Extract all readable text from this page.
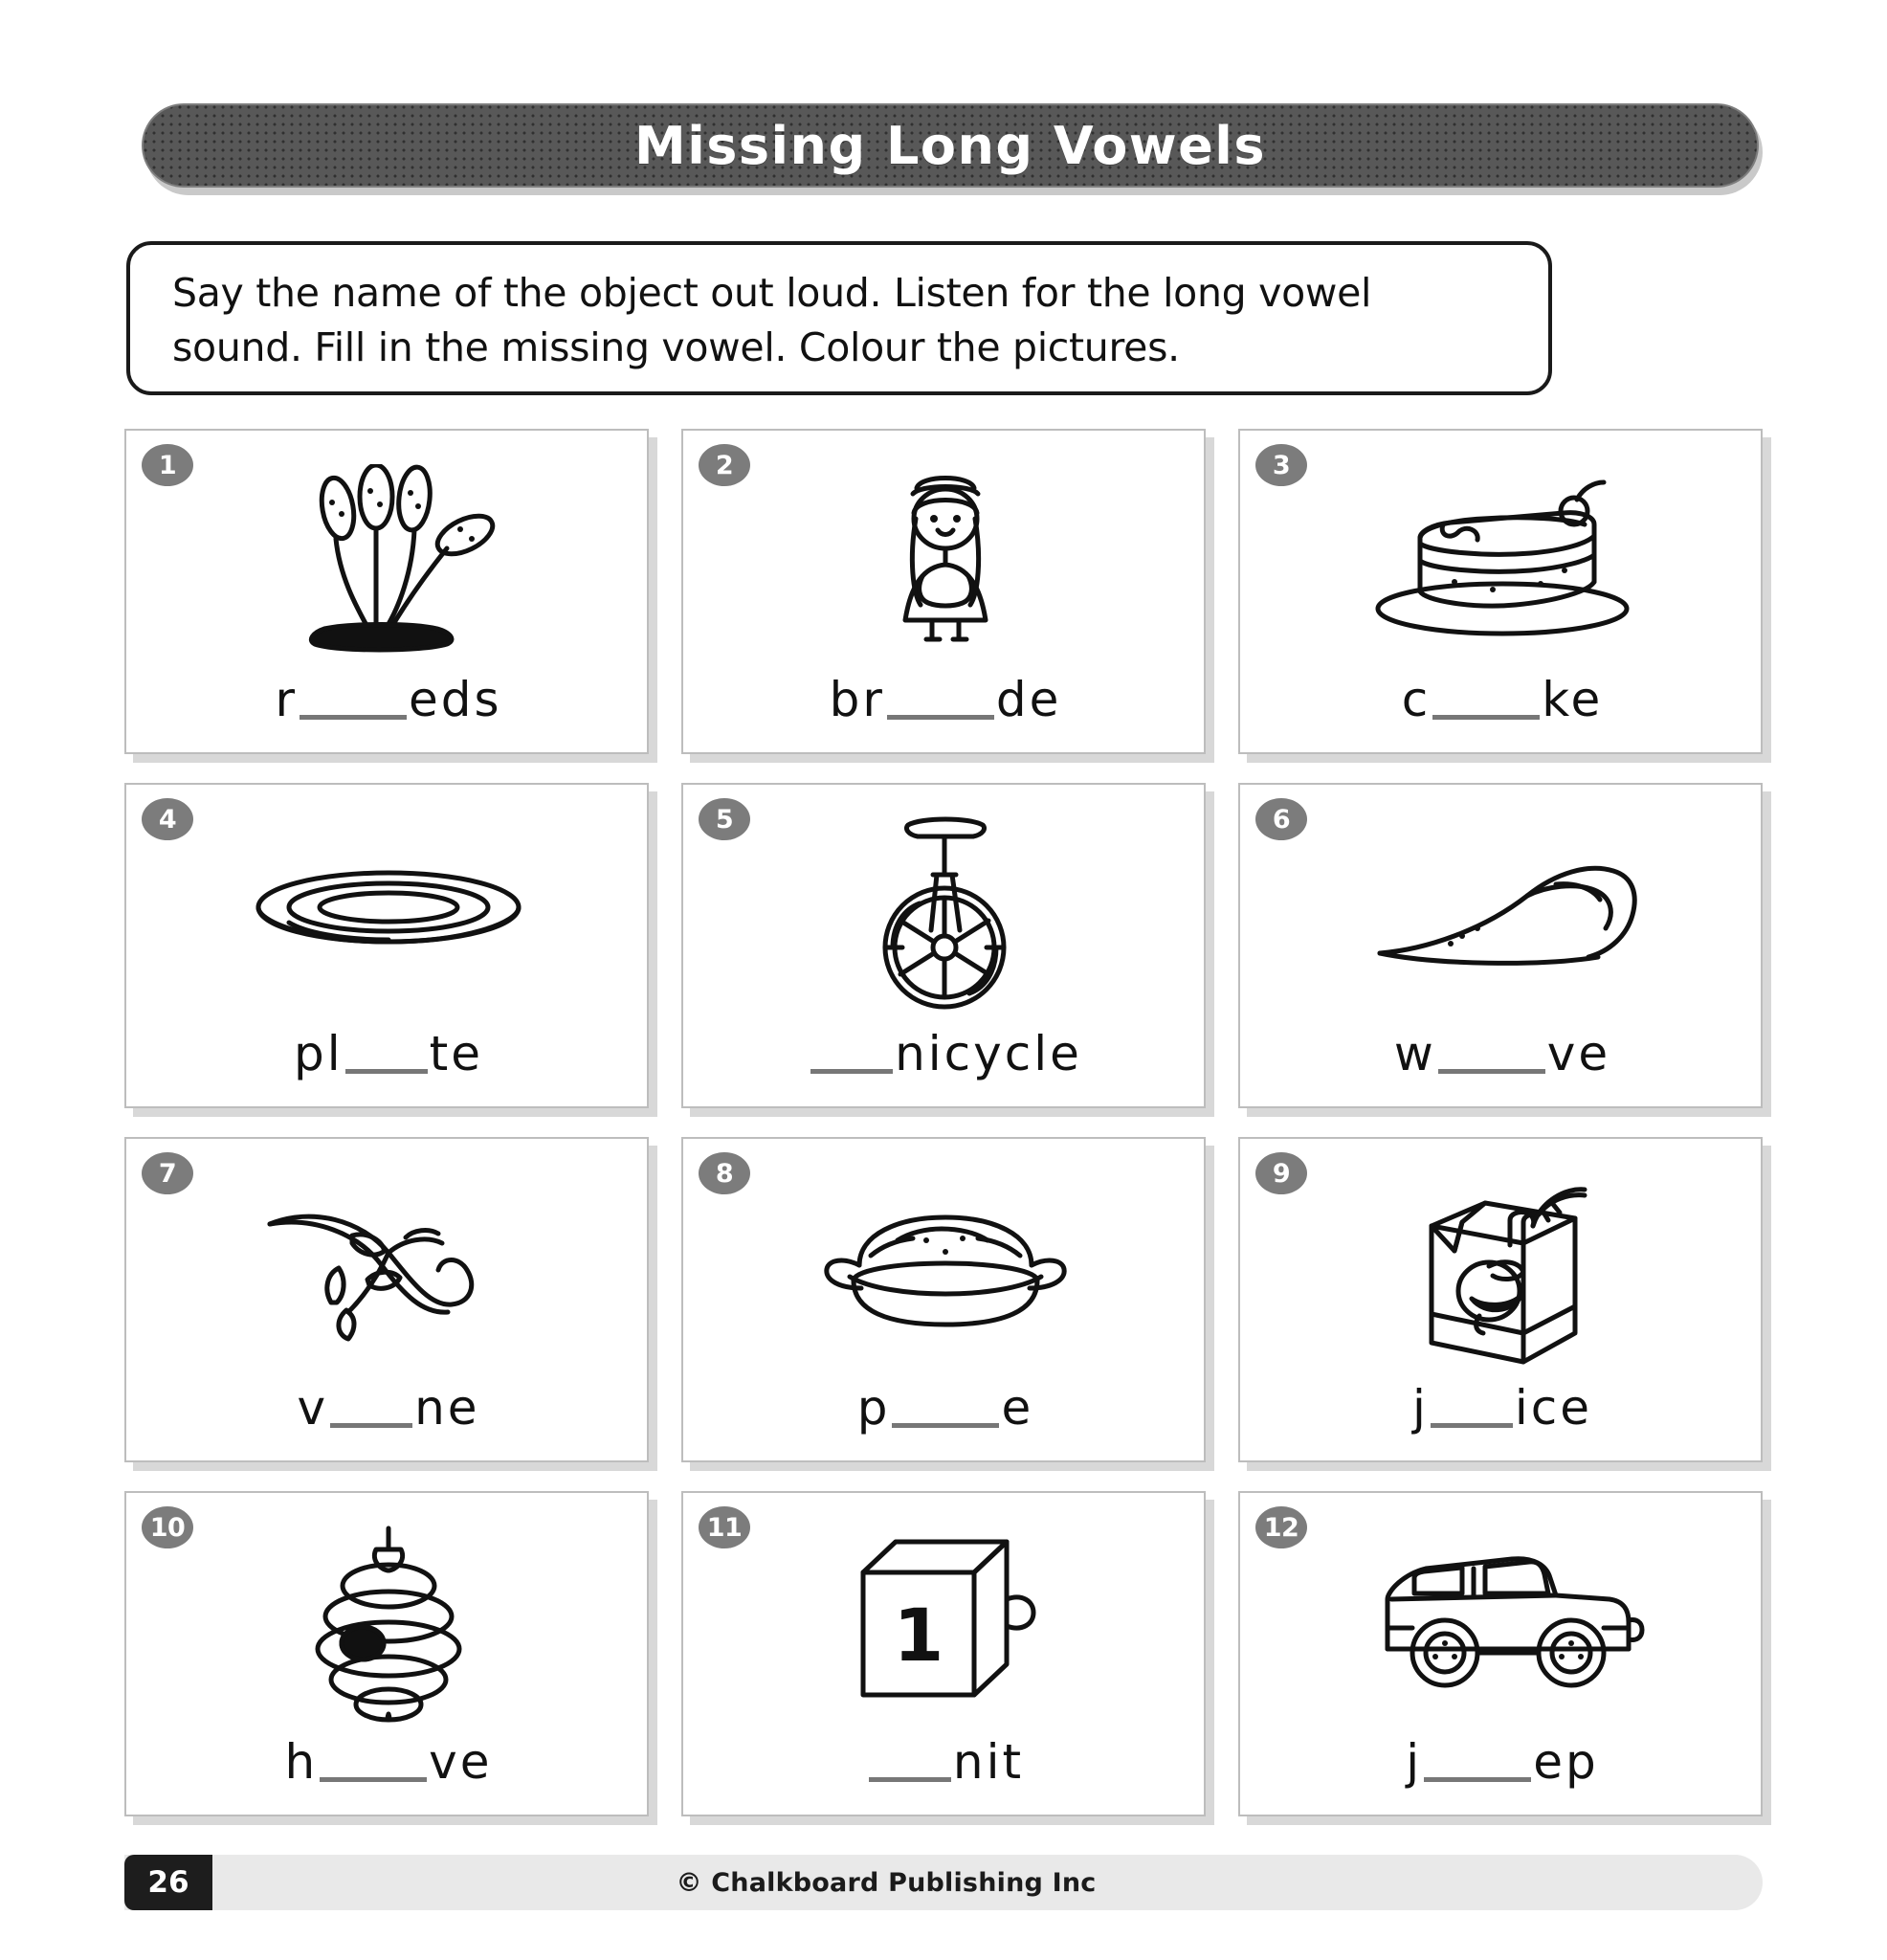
Missing Long Vowels
Say the name of the object out loud. Listen for the long vowel
sound. Fill in the missing vowel. Colour the pictures.
1
r eds
2
br de
3
c ke
4
pl te
5
nicycle
6
w ve
7
v ne
8
p e
9
j ice
10
h ve
11
1
nit
12
j ep
© Chalkboard Publishing Inc
26
